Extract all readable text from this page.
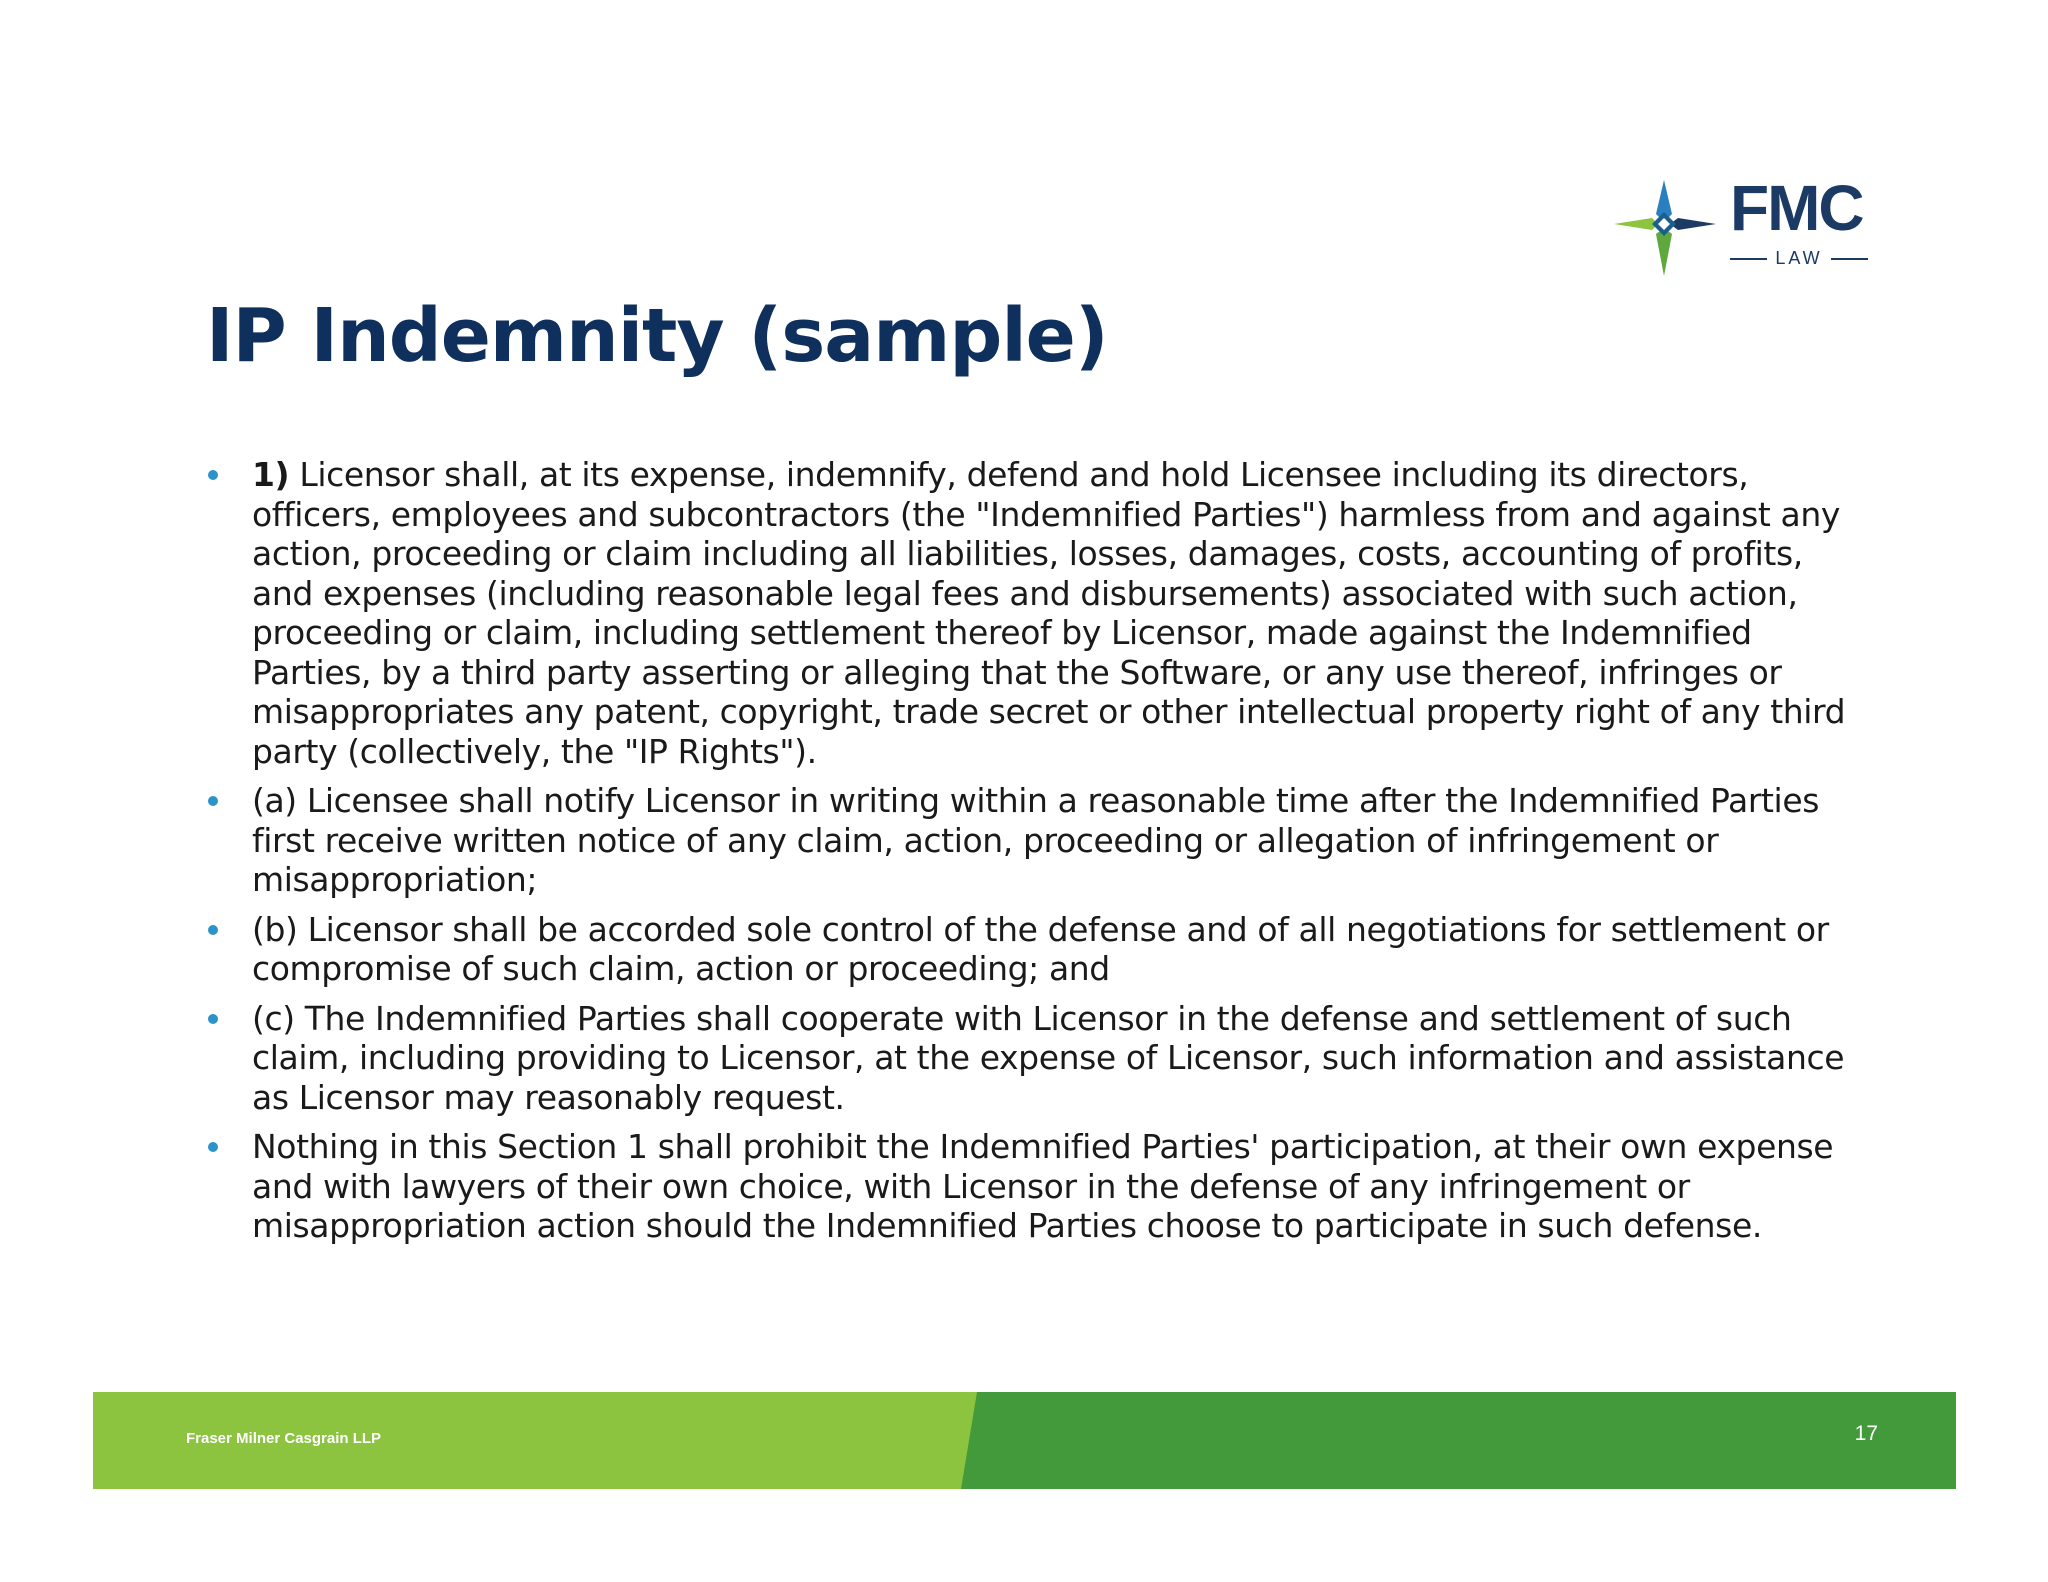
FMC
LAW
IP Indemnity (sample)
1) Licensor shall, at its expense, indemnify, defend and hold Licensee including its directors, officers, employees and subcontractors (the "Indemnified Parties") harmless from and against any action, proceeding or claim including all liabilities, losses, damages, costs, accounting of profits, and expenses (including reasonable legal fees and disbursements) associated with such action, proceeding or claim, including settlement thereof by Licensor, made against the Indemnified Parties, by a third party asserting or alleging that the Software, or any use thereof, infringes or misappropriates any patent, copyright, trade secret or other intellectual property right of any third party (collectively, the "IP Rights").
(a) Licensee shall notify Licensor in writing within a reasonable time after the Indemnified Parties first receive written notice of any claim, action, proceeding or allegation of infringement or misappropriation;
(b) Licensor shall be accorded sole control of the defense and of all negotiations for settlement or compromise of such claim, action or proceeding; and
(c) The Indemnified Parties shall cooperate with Licensor in the defense and settlement of such claim, including providing to Licensor, at the expense of Licensor, such information and assistance as Licensor may reasonably request.
Nothing in this Section 1 shall prohibit the Indemnified Parties' participation, at their own expense and with lawyers of their own choice, with Licensor in the defense of any infringement or misappropriation action should the Indemnified Parties choose to participate in such defense.
Fraser Milner Casgrain LLP	17
